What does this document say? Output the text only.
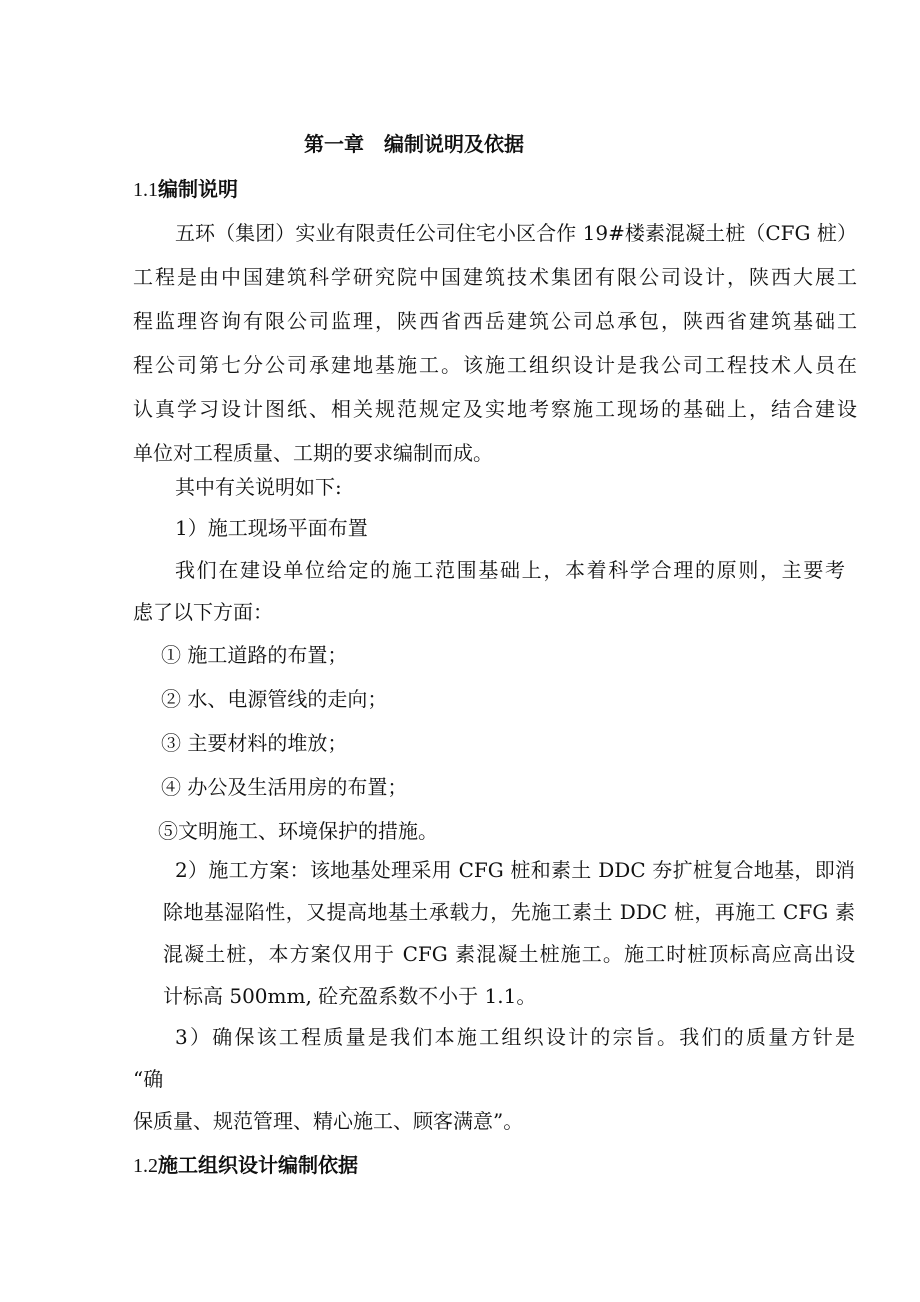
第一章　编制说明及依据
1.1编制说明
五环（集团）实业有限责任公司住宅小区合作 19#楼素混凝土桩（CFG 桩）
工程是由中国建筑科学研究院中国建筑技术集团有限公司设计，陕西大展工
程监理咨询有限公司监理，陕西省西岳建筑公司总承包，陕西省建筑基础工
程公司第七分公司承建地基施工。该施工组织设计是我公司工程技术人员在
认真学习设计图纸、相关规范规定及实地考察施工现场的基础上，结合建设
单位对工程质量、工期的要求编制而成。
其中有关说明如下:
1）施工现场平面布置
我们在建设单位给定的施工范围基础上，本着科学合理的原则，主要考
虑了以下方面：
① 施工道路的布置；
② 水、电源管线的走向；
③ 主要材料的堆放；
④ 办公及生活用房的布置；
⑤文明施工、环境保护的措施。
2）施工方案：该地基处理采用 CFG 桩和素土 DDC 夯扩桩复合地基，即消
除地基湿陷性，又提高地基土承载力，先施工素土 DDC 桩，再施工 CFG 素
混凝土桩，本方案仅用于 CFG 素混凝土桩施工。施工时桩顶标高应高出设
计标高 500mm, 砼充盈系数不小于 1.1。
3）确保该工程质量是我们本施工组织设计的宗旨。我们的质量方针是
“确
保质量、规范管理、精心施工、顾客满意”。
1.2施工组织设计编制依据
